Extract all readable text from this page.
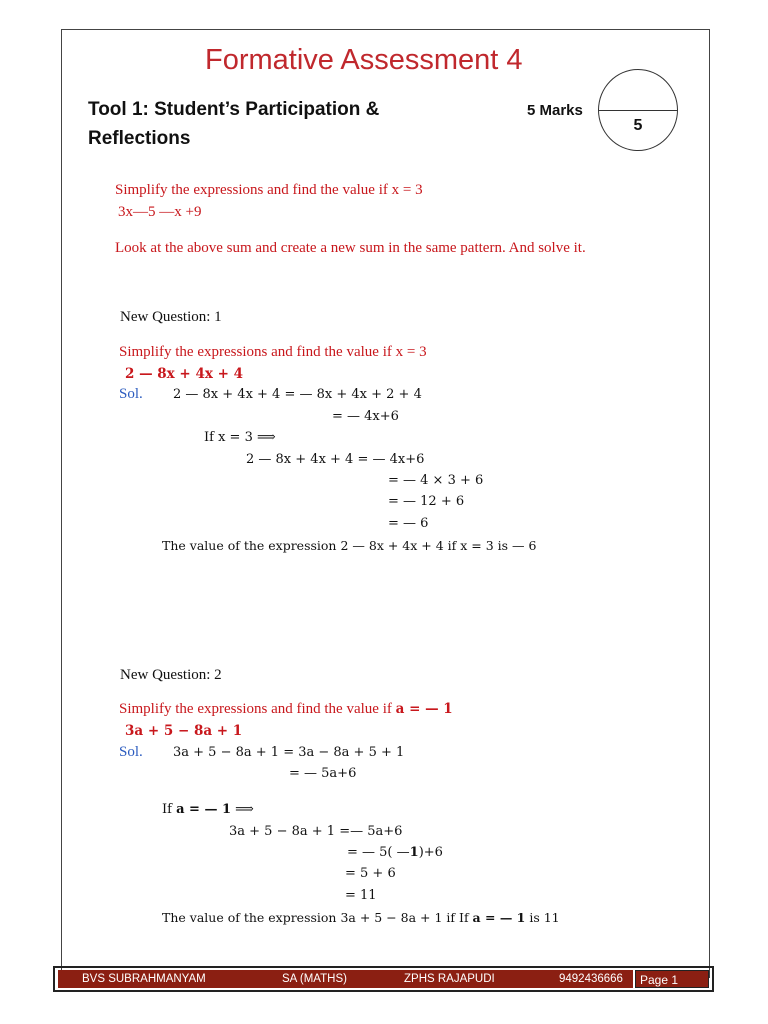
Formative Assessment 4
Tool 1: Student’s Participation &
Reflections
5 Marks
5
Simplify the expressions and find the value if x = 3
3x—5 —x +9
Look at the above sum and create a new sum in the same pattern. And solve it.
New Question: 1
Simplify the expressions and find the value if x = 3
2 — 8x + 4x + 4
Sol. 2 — 8x + 4x + 4 = — 8x + 4x + 2 + 4
= — 4x+6
If x = 3 ⟹
2 — 8x + 4x + 4 = — 4x+6
= — 4 × 3 + 6
= — 12 + 6
= — 6
The value of the expression 2 — 8x + 4x + 4 if x = 3 is — 6
New Question: 2
Simplify the expressions and find the value if a = — 1
3a + 5 − 8a + 1
Sol. 3a + 5 − 8a + 1 = 3a − 8a + 5 + 1
= — 5a+6
If a = — 1 ⟹
3a + 5 − 8a + 1 =— 5a+6
= — 5( —1)+6
= 5 + 6
= 11
The value of the expression 3a + 5 − 8a + 1 if If a = — 1 is 11
BVS SUBRAHMANYAM	SA (MATHS)	ZPHS RAJAPUDI	9492436666 Page 1
